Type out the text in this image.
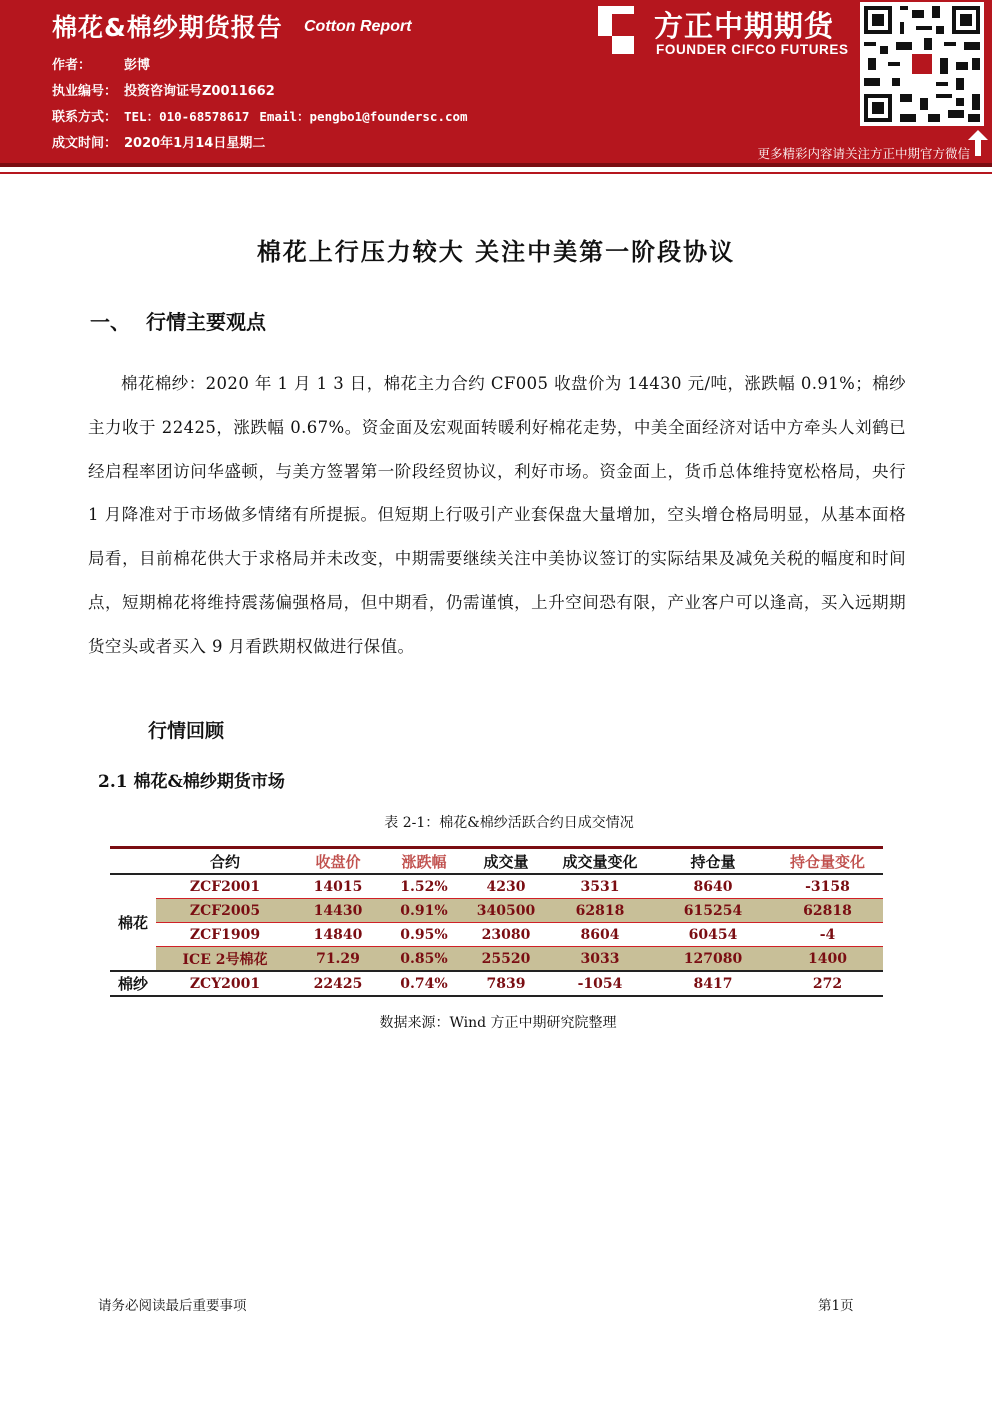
棉花&棉纱期货报告 Cotton Report
作者：	彭博
执业编号： 投资咨询证号Z0011662
联系方式： TEL：010-68578617 Email：pengbo1@foundersc.com
成文时间： 2020年1月14日星期二
方正中期期货
FOUNDER CIFCO FUTURES
更多精彩内容请关注方正中期官方微信
棉花上行压力较大 关注中美第一阶段协议
一、 行情主要观点
棉花棉纱：2020 年 1 月 1 3 日，棉花主力合约 CF005 收盘价为 14430 元/吨，涨跌幅 0.91%；棉纱主力收于 22425，涨跌幅 0.67%。资金面及宏观面转暖利好棉花走势，中美全面经济对话中方牵头人刘鹤已经启程率团访问华盛顿，与美方签署第一阶段经贸协议，利好市场。资金面上，货币总体维持宽松格局，央行 1 月降准对于市场做多情绪有所提振。但短期上行吸引产业套保盘大量增加，空头增仓格局明显，从基本面格局看，目前棉花供大于求格局并未改变，中期需要继续关注中美协议签订的实际结果及减免关税的幅度和时间点，短期棉花将维持震荡偏强格局，但中期看，仍需谨慎，上升空间恐有限，产业客户可以逢高，买入远期期货空头或者买入 9 月看跌期权做进行保值。
行情回顾
2.1 棉花&棉纱期货市场
表 2-1：棉花&棉纱活跃合约日成交情况
	合约	收盘价	涨跌幅	成交量	成交量变化	持仓量	持仓量变化
棉花	ZCF2001	14015	1.52%	4230	3531	8640	-3158
	ZCF2005	14430	0.91%	340500	62818	615254	62818
	ZCF1909	14840	0.95%	23080	8604	60454	-4
	ICE 2号棉花	71.29	0.85%	25520	3033	127080	1400
棉纱	ZCY2001	22425	0.74%	7839	-1054	8417	272

数据来源：Wind 方正中期研究院整理
请务必阅读最后重要事项	第1页
